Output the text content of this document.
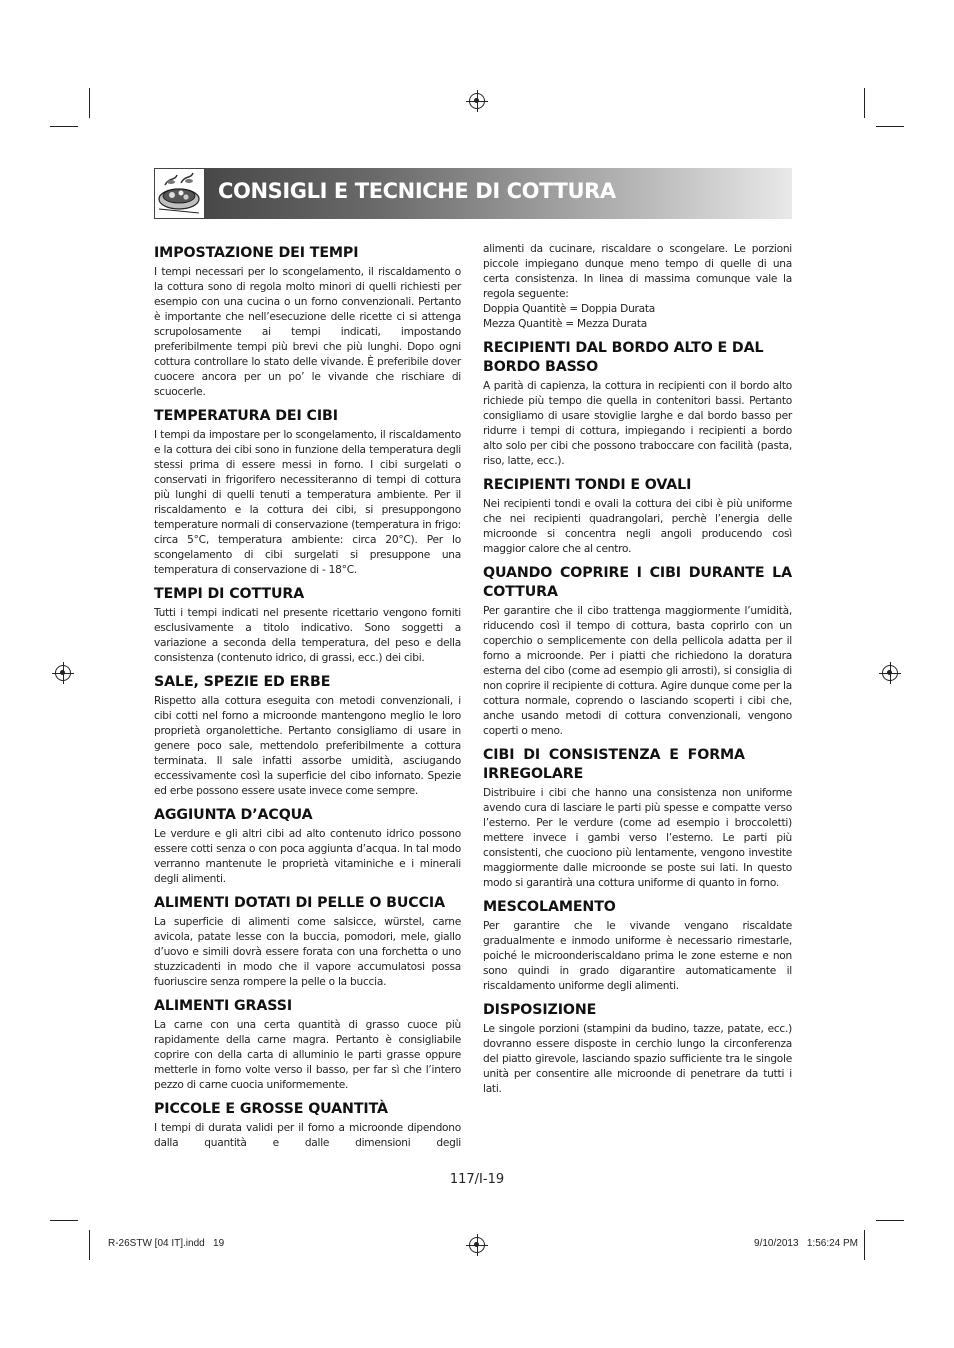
CONSIGLI E TECNICHE DI COTTURA
IMPOSTAZIONE DEI TEMPI

I tempi necessari per lo scongelamento, il riscaldamento o la cottura sono di regola molto minori di quelli richiesti per esempio con una cucina o un forno convenzionali. Pertanto è importante che nell’esecuzione delle ricette ci si attenga scrupolosamente ai tempi indicati, impostando preferibilmente tempi più brevi che più lunghi. Dopo ogni cottura controllare lo stato delle vivande. È preferibile dover cuocere ancora per un po’ le vivande che rischiare di scuocerle.

TEMPERATURA DEI CIBI

I tempi da impostare per lo scongelamento, il riscaldamento e la cottura dei cibi sono in funzione della temperatura degli stessi prima di essere messi in forno. I cibi surgelati o conservati in frigorifero necessiteranno di tempi di cottura più lunghi di quelli tenuti a temperatura ambiente. Per il riscaldamento e la cottura dei cibi, si presuppongono temperature normali di conservazione (temperatura in frigo: circa 5°C, temperatura ambiente: circa 20°C). Per lo scongelamento di cibi surgelati si presuppone una temperatura di conservazione di - 18°C.

TEMPI DI COTTURA

Tutti i tempi indicati nel presente ricettario vengono forniti esclusivamente a titolo indicativo. Sono soggetti a variazione a seconda della temperatura, del peso e della consistenza (contenuto idrico, di grassi, ecc.) dei cibi.

SALE, SPEZIE ED ERBE

Rispetto alla cottura eseguita con metodi convenzionali, i cibi cotti nel forno a microonde mantengono meglio le loro proprietà organolettiche. Pertanto consigliamo di usare in genere poco sale, mettendolo preferibilmente a cottura terminata. Il sale infatti assorbe umidità, asciugando eccessivamente così la superficie del cibo infornato. Spezie ed erbe possono essere usate invece come sempre.

AGGIUNTA D’ACQUA

Le verdure e gli altri cibi ad alto contenuto idrico possono essere cotti senza o con poca aggiunta d’acqua. In tal modo verranno mantenute le proprietà vitaminiche e i minerali degli alimenti.

ALIMENTI DOTATI DI PELLE O BUCCIA

La superficie di alimenti come salsicce, würstel, carne avicola, patate lesse con la buccia, pomodori, mele, giallo d’uovo e simili dovrà essere forata con una forchetta o uno stuzzicadenti in modo che il vapore accumulatosi possa fuoriuscire senza rompere la pelle o la buccia.

ALIMENTI GRASSI

La carne con una certa quantità di grasso cuoce più rapidamente della carne magra. Pertanto è consigliabile coprire con della carta di alluminio le parti grasse oppure metterle in forno volte verso il basso, per far sì che l’intero pezzo di carne cuocia uniformemente.

PICCOLE E GROSSE QUANTITÀ

I tempi di durata validi per il forno a microonde dipendono dalla quantità e dalle dimensioni degli

alimenti da cucinare, riscaldare o scongelare. Le porzioni piccole impiegano dunque meno tempo di quelle di una certa consistenza. In linea di massima comunque vale la regola seguente:

Doppia Quantitè = Doppia Durata

Mezza Quantitè = Mezza Durata

RECIPIENTI DAL BORDO ALTO E DAL BORDO BASSO

A parità di capienza, la cottura in recipienti con il bordo alto richiede più tempo die quella in contenitori bassi. Pertanto consigliamo di usare stoviglie larghe e dal bordo basso per ridurre i tempi di cottura, impiegando i recipienti a bordo alto solo per cibi che possono traboccare con facilità (pasta, riso, latte, ecc.).

RECIPIENTI TONDI E OVALI

Nei recipienti tondi e ovali la cottura dei cibi è più uniforme che nei recipienti quadrangolari, perchè l’energia delle microonde si concentra negli angoli producendo così maggior calore che al centro.

QUANDO COPRIRE I CIBI DURANTE LA COTTURA

Per garantire che il cibo trattenga maggiormente l’umidità, riducendo così il tempo di cottura, basta coprirlo con un coperchio o semplicemente con della pellicola adatta per il forno a microonde. Per i piatti che richiedono la doratura esterna del cibo (come ad esempio gli arrosti), si consiglia di non coprire il recipiente di cottura. Agire dunque come per la cottura normale, coprendo o lasciando scoperti i cibi che, anche usando metodi di cottura convenzionali, vengono coperti o meno.

CIBI DI CONSISTENZA E FORMA IRREGOLARE

Distribuire i cibi che hanno una consistenza non uniforme avendo cura di lasciare le parti più spesse e compatte verso l’esterno. Per le verdure (come ad esempio i broccoletti) mettere invece i gambi verso l’esterno. Le parti più consistenti, che cuociono più lentamente, vengono investite maggiormente dalle microonde se poste sui lati. In questo modo si garantirà una cottura uniforme di quanto in forno.

MESCOLAMENTO

Per garantire che le vivande vengano riscaldate gradualmente e inmodo uniforme è necessario rimestarle, poiché le microonderiscaldano prima le zone esterne e non sono quindi in grado digarantire automaticamente il riscaldamento uniforme degli alimenti.

DISPOSIZIONE

Le singole porzioni (stampini da budino, tazze, patate, ecc.) dovranno essere disposte in cerchio lungo la circonferenza del piatto girevole, lasciando spazio sufficiente tra le singole unità per consentire alle microonde di penetrare da tutti i lati.

117/I-19
R-26STW [04 IT].indd   19	9/10/2013   1:56:24 PM
